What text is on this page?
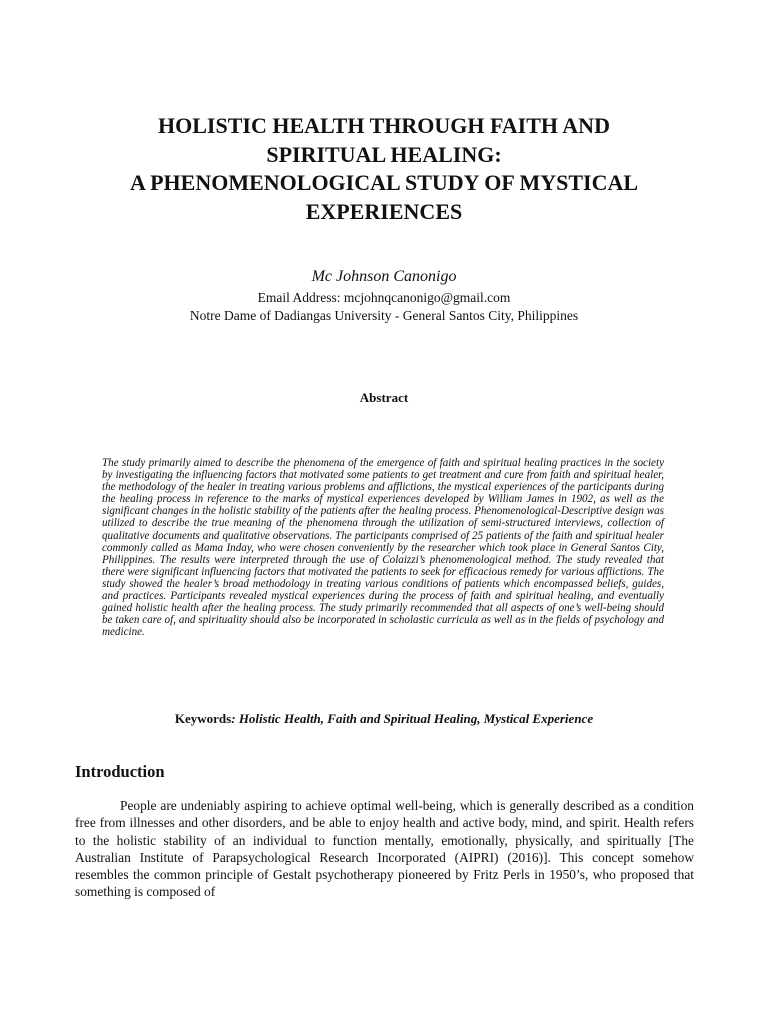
HOLISTIC HEALTH THROUGH FAITH AND
SPIRITUAL HEALING:
A PHENOMENOLOGICAL STUDY OF MYSTICAL
EXPERIENCES

Mc Johnson Canonigo

Email Address: mcjohnqcanonigo@gmail.com
Notre Dame of Dadiangas University - General Santos City, Philippines

Abstract

The study primarily aimed to describe the phenomena of the emergence of faith and spiritual healing practices in the society by investigating the influencing factors that motivated some patients to get treatment and cure from faith and spiritual healer, the methodology of the healer in treating various problems and afflictions, the mystical experiences of the participants during the healing process in reference to the marks of mystical experiences developed by William James in 1902, as well as the significant changes in the holistic stability of the patients after the healing process. Phenomenological-Descriptive design was utilized to describe the true meaning of the phenomena through the utilization of semi-structured interviews, collection of qualitative documents and qualitative observations. The participants comprised of 25 patients of the faith and spiritual healer commonly called as Mama Inday, who were chosen conveniently by the researcher which took place in General Santos City, Philippines. The results were interpreted through the use of Colaizzi’s phenomenological method. The study revealed that there were significant influencing factors that motivated the patients to seek for efficacious remedy for various afflictions. The study showed the healer’s broad methodology in treating various conditions of patients which encompassed beliefs, guides, and practices. Participants revealed mystical experiences during the process of faith and spiritual healing, and eventually gained holistic health after the healing process. The study primarily recommended that all aspects of one’s well-being should be taken care of, and spirituality should also be incorporated in scholastic curricula as well as in the fields of psychology and medicine.

Keywords: Holistic Health, Faith and Spiritual Healing, Mystical Experience

Introduction

People are undeniably aspiring to achieve optimal well-being, which is generally described as a condition free from illnesses and other disorders, and be able to enjoy health and active body, mind, and spirit. Health refers to the holistic stability of an individual to function mentally, emotionally, physically, and spiritually [The Australian Institute of Parapsychological Research Incorporated (AIPRI) (2016)]. This concept somehow resembles the common principle of Gestalt psychotherapy pioneered by Fritz Perls in 1950’s, who proposed that something is composed of
